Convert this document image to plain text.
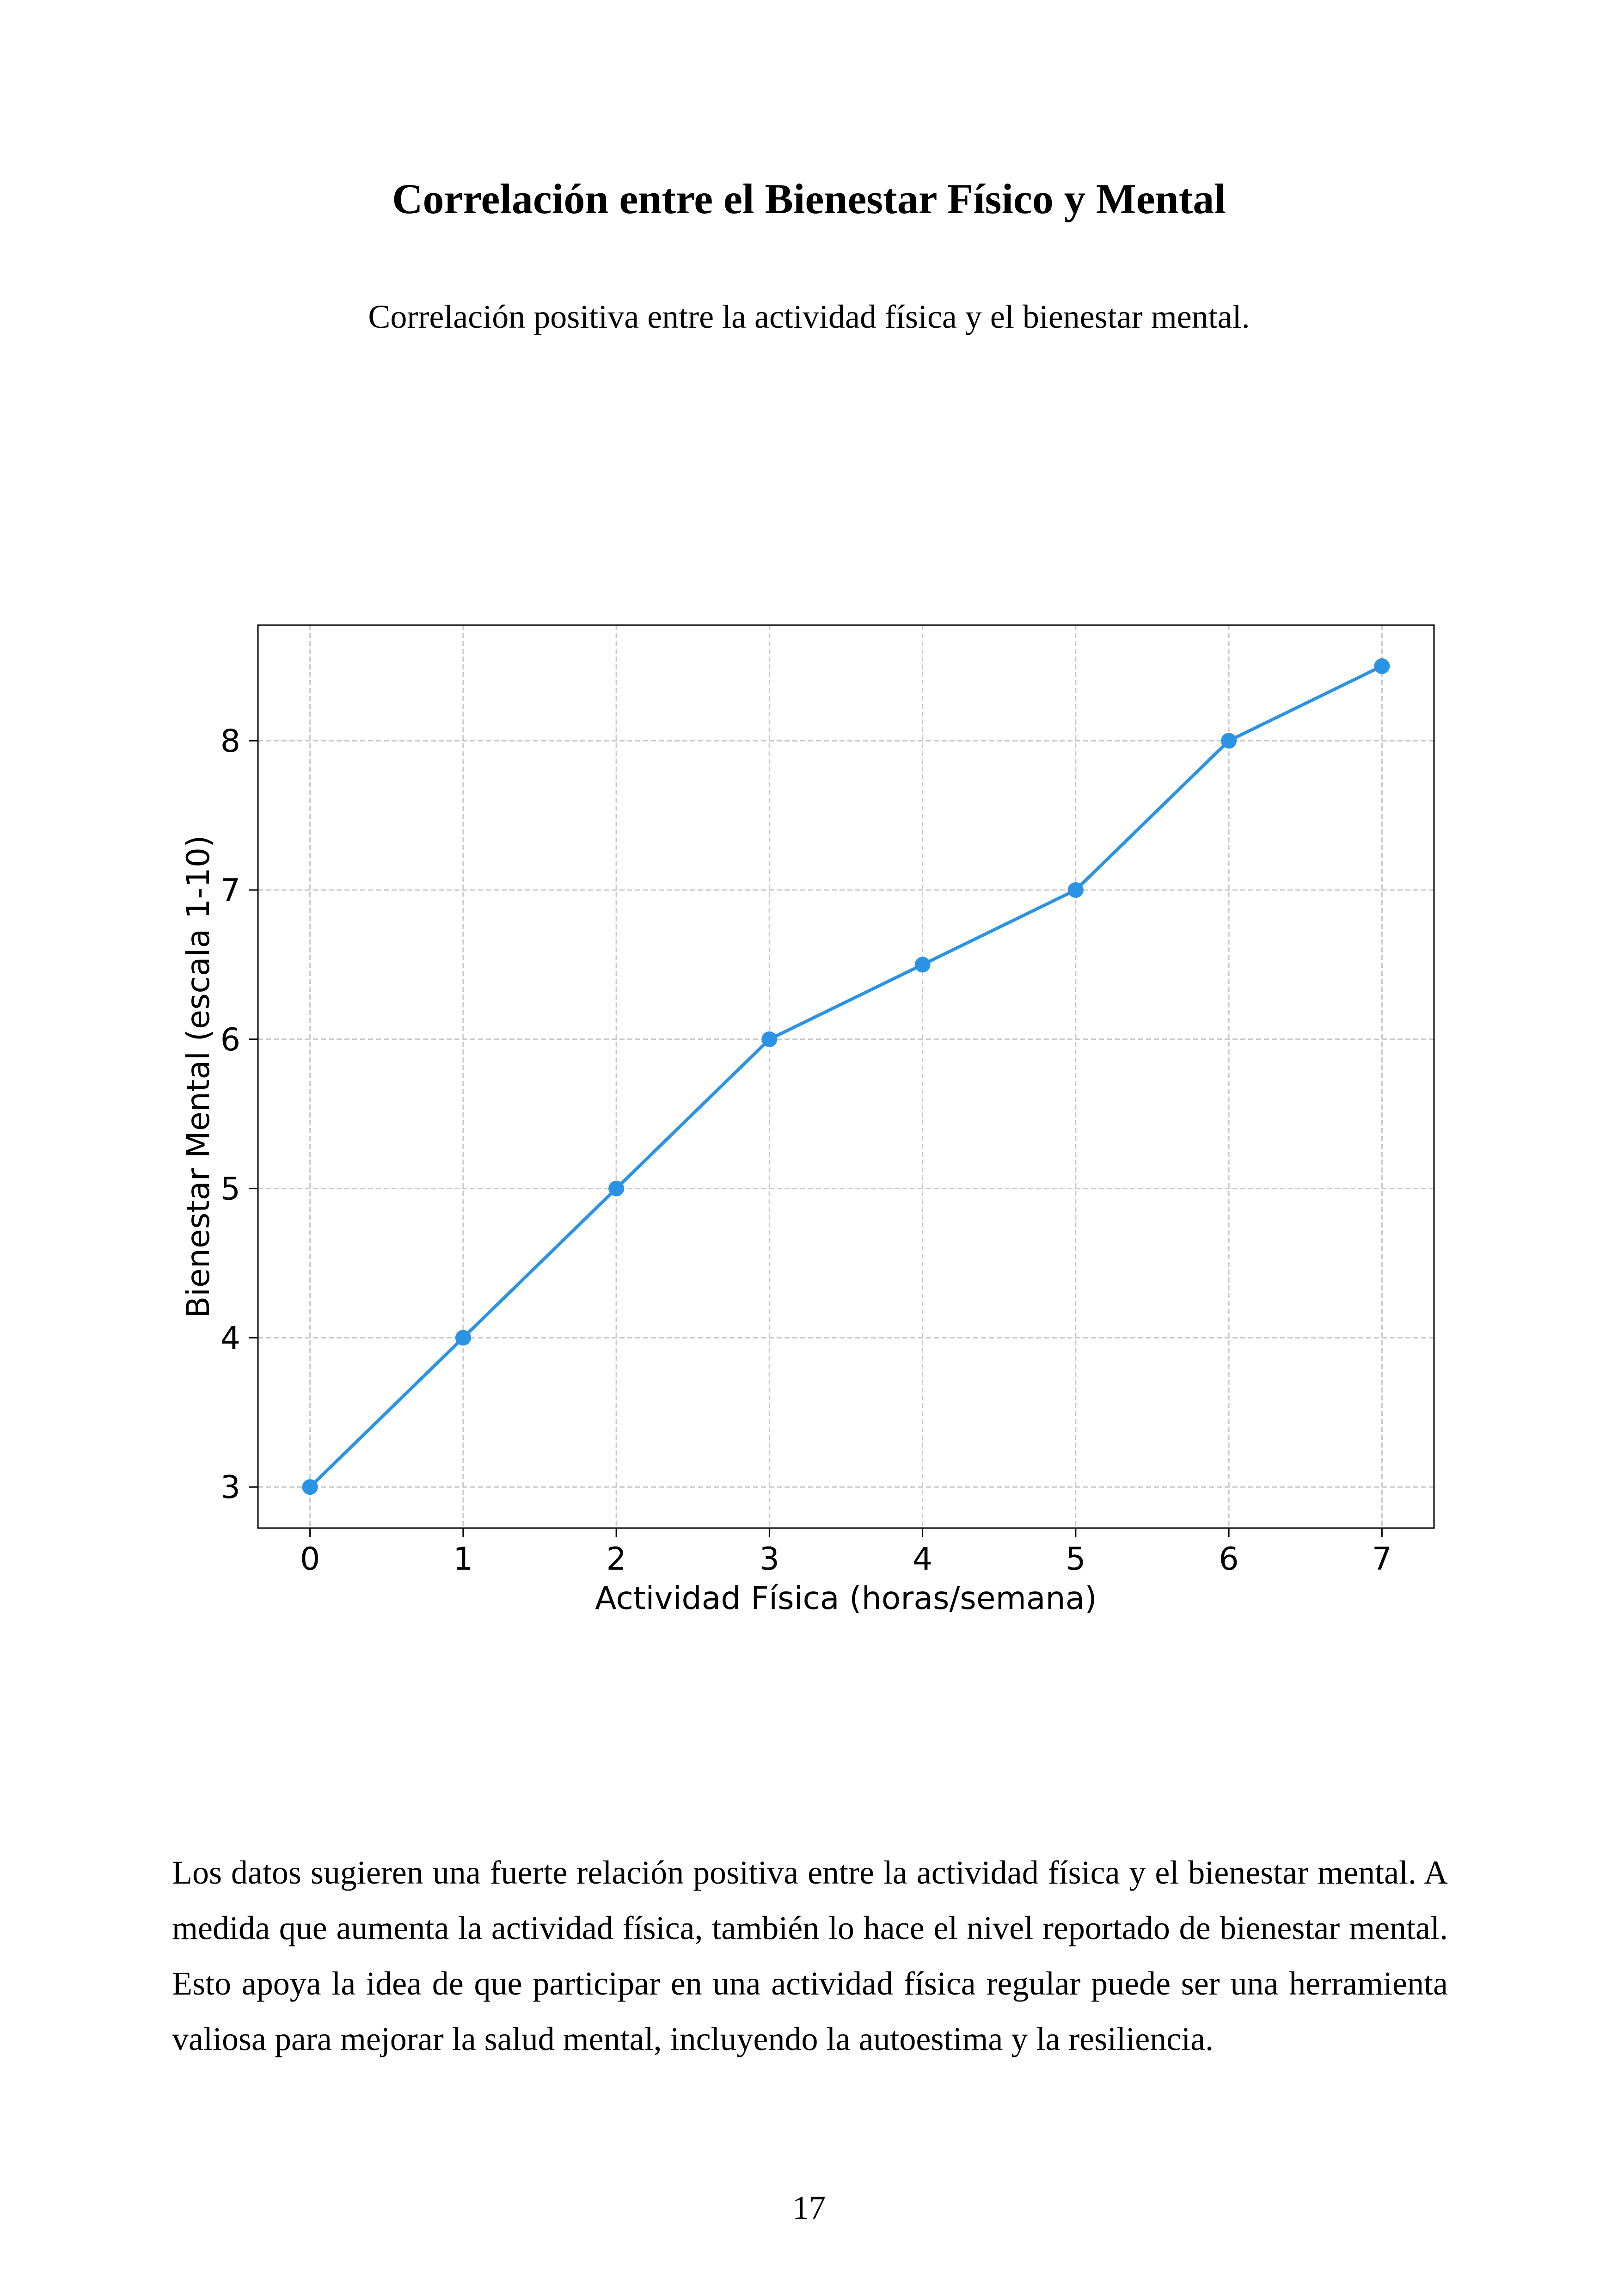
Correlación entre el Bienestar Físico y Mental

Correlación positiva entre la actividad física y el bienestar mental.

0	1	2	3	4	5	6	7
3
4
5
6
7
8
Actividad Física (horas/semana)
Bienestar Mental (escala 1-10)

Los datos sugieren una fuerte relación positiva entre la actividad física y el bienestar mental. A medida que aumenta la actividad física, también lo hace el nivel reportado de bienestar mental. Esto apoya la idea de que participar en una actividad física regular puede ser una herramienta valiosa para mejorar la salud mental, incluyendo la autoestima y la resiliencia.

17
